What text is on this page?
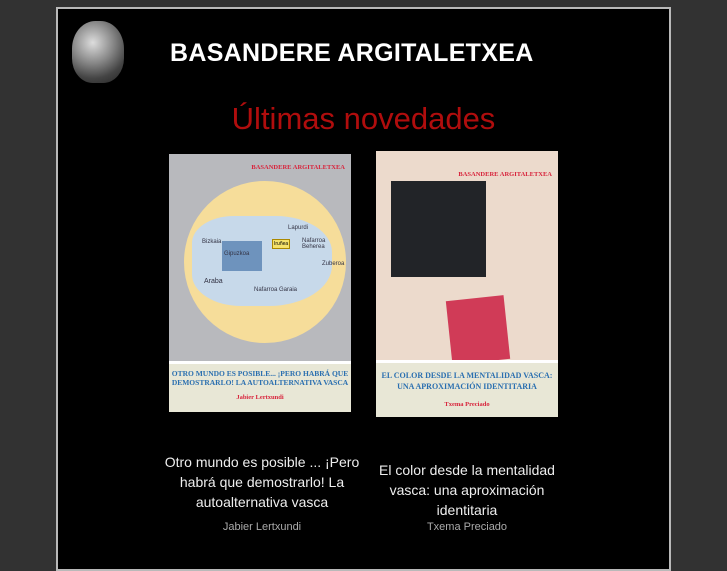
BASANDERE ARGITALETXEA
Últimas novedades
BASANDERE ARGITALETXEA
Bizkaia
Gipuzkoa
Araba
Nafarroa Garaia
Lapurdi
Nafarroa Beherea
Zuberoa
Iruñea
OTRO MUNDO ES POSIBLE... ¡PERO HABRÁ QUE DEMOSTRARLO! LA AUTOALTERNATIVA VASCA
Jabier Lertxundi
BASANDERE ARGITALETXEA
EL COLOR DESDE LA MENTALIDAD VASCA: UNA APROXIMACIÓN IDENTITARIA
Txema Preciado
Otro mundo es posible ... ¡Pero habrá que demostrarlo! La autoalternativa vasca
Jabier Lertxundi
El color desde la mentalidad vasca: una aproximación identitaria
Txema Preciado
